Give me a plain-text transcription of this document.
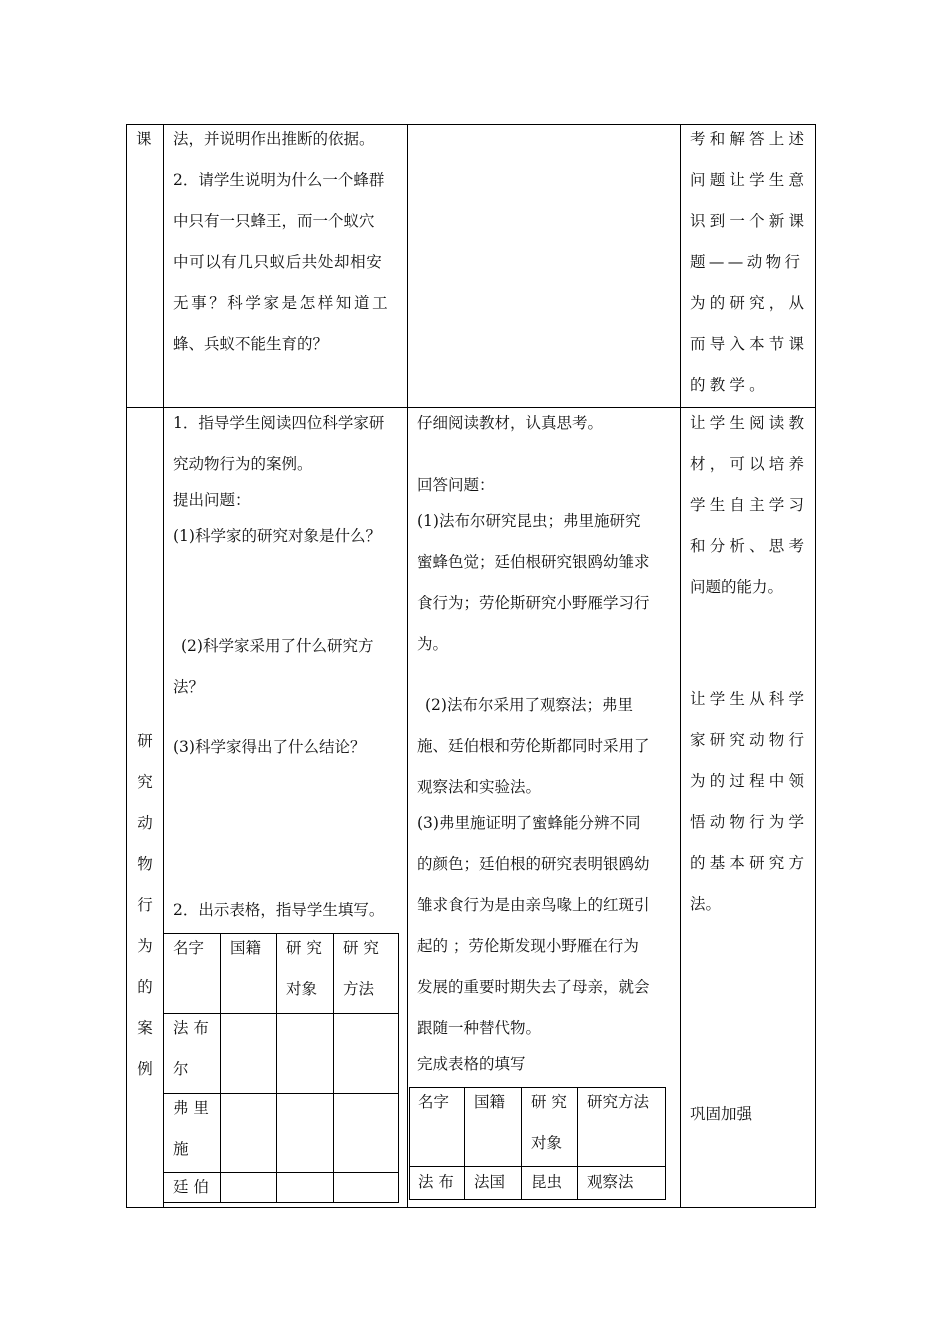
课 法，并说明作出推断的依据。
2．请学生说明为什么一个蜂群
中只有一只蜂王，而一个蚁穴
中可以有几只蚁后共处却相安
无事？科学家是怎样知道工
蜂、兵蚁不能生育的？
考和解答上述
问题让学生意
识到一个新课
题——动物行
为的研究，从
而导入本节课
的教学。
研
究
动
物
行
为
的
案
例
1．指导学生阅读四位科学家研
究动物行为的案例。
提出问题：
(1)科学家的研究对象是什么？
(2)科学家采用了什么研究方
法？
(3)科学家得出了什么结论？
2．出示表格，指导学生填写。
名字 国籍 研 究
对象
研 究
方法
法 布
尔
弗 里
施
廷 伯
仔细阅读教材，认真思考。
回答问题：
(1)法布尔研究昆虫；弗里施研究
蜜蜂色觉；廷伯根研究银鸥幼雏求
食行为；劳伦斯研究小野雁学习行
为。
(2)法布尔采用了观察法；弗里
施、廷伯根和劳伦斯都同时采用了
观察法和实验法。
(3)弗里施证明了蜜蜂能分辨不同
的颜色；廷伯根的研究表明银鸥幼
雏求食行为是由亲鸟喙上的红斑引
起的 ；劳伦斯发现小野雁在行为
发展的重要时期失去了母亲，就会
跟随一种替代物。
完成表格的填写
名字 国籍 研 究
对象
研究方法
法 布 法国 昆虫 观察法
让学生阅读教
材，可以培养
学生自主学习
和分析、思考
问题的能力。
让学生从科学
家研究动物行
为的过程中领
悟动物行为学
的基本研究方
法。
巩固加强
